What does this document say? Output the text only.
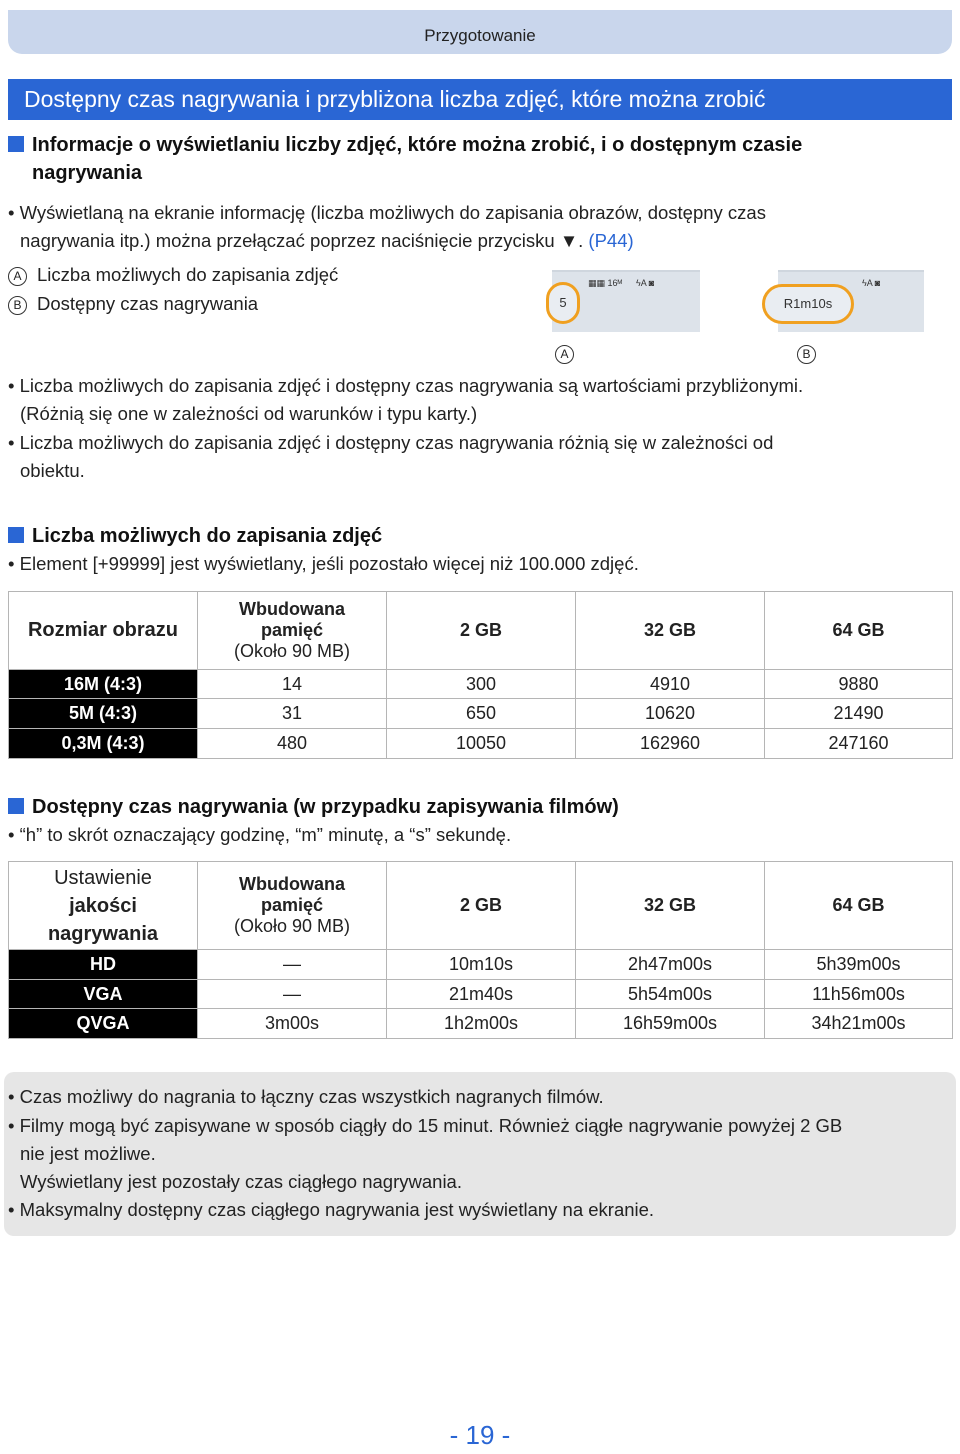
Przygotowanie
Dostępny czas nagrywania i przybliżona liczba zdjęć, które można zrobić
Informacje o wyświetlaniu liczby zdjęć, które można zrobić, i o dostępnym czasie
nagrywania
• Wyświetlaną na ekranie informację (liczba możliwych do zapisania obrazów, dostępny czas
nagrywania itp.) można przełączać poprzez naciśnięcie przycisku ▼. (P44)
A Liczba możliwych do zapisania zdjęć
B Dostępny czas nagrywania
▦▦ 16ᴹ ϟA ◙
5
A
ϟA ◙
R1m10s
B
• Liczba możliwych do zapisania zdjęć i dostępny czas nagrywania są wartościami przybliżonymi.
(Różnią się one w zależności od warunków i typu karty.)
• Liczba możliwych do zapisania zdjęć i dostępny czas nagrywania różnią się w zależności od
obiektu.
Liczba możliwych do zapisania zdjęć
• Element [+99999] jest wyświetlany, jeśli pozostało więcej niż 100.000 zdjęć.
Rozmiar obrazu	Wbudowana
pamięć
(Około 90 MB)	2 GB	32 GB	64 GB
16M (4:3)	14	300	4910	9880
5M (4:3)	31	650	10620	21490
0,3M (4:3)	480	10050	162960	247160
Dostępny czas nagrywania (w przypadku zapisywania filmów)
• “h” to skrót oznaczający godzinę, “m” minutę, a “s” sekundę.
Ustawienie
jakości
nagrywania	Wbudowana
pamięć
(Około 90 MB)	2 GB	32 GB	64 GB
HD	—	10m10s	2h47m00s	5h39m00s
VGA	—	21m40s	5h54m00s	11h56m00s
QVGA	3m00s	1h2m00s	16h59m00s	34h21m00s
• Czas możliwy do nagrania to łączny czas wszystkich nagranych filmów.
• Filmy mogą być zapisywane w sposób ciągły do 15 minut. Również ciągłe nagrywanie powyżej 2 GB
nie jest możliwe.
Wyświetlany jest pozostały czas ciągłego nagrywania.
• Maksymalny dostępny czas ciągłego nagrywania jest wyświetlany na ekranie.
- 19 -
